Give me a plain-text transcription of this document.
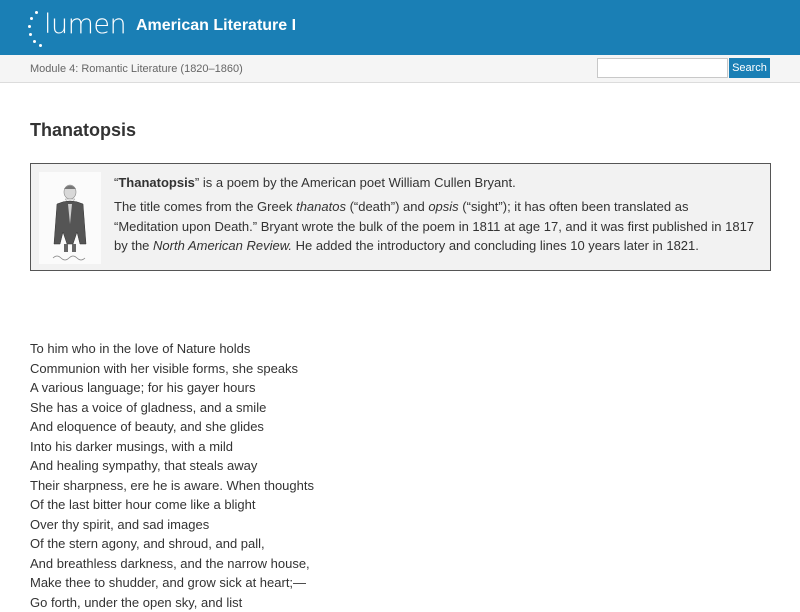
lumen American Literature I
Module 4: Romantic Literature (1820–1860)	Search
Thanatopsis

“Thanatopsis” is a poem by the American poet William Cullen Bryant.

The title comes from the Greek thanatos (“death”) and opsis (“sight”); it has often been translated as “Meditation upon Death.” Bryant wrote the bulk of the poem in 1811 at age 17, and it was first published in 1817 by the North American Review. He added the introductory and concluding lines 10 years later in 1821.

To him who in the love of Nature holds
Communion with her visible forms, she speaks
A various language; for his gayer hours
She has a voice of gladness, and a smile
And eloquence of beauty, and she glides
Into his darker musings, with a mild
And healing sympathy, that steals away
Their sharpness, ere he is aware. When thoughts
Of the last bitter hour come like a blight
Over thy spirit, and sad images
Of the stern agony, and shroud, and pall,
And breathless darkness, and the narrow house,
Make thee to shudder, and grow sick at heart;—
Go forth, under the open sky, and list
